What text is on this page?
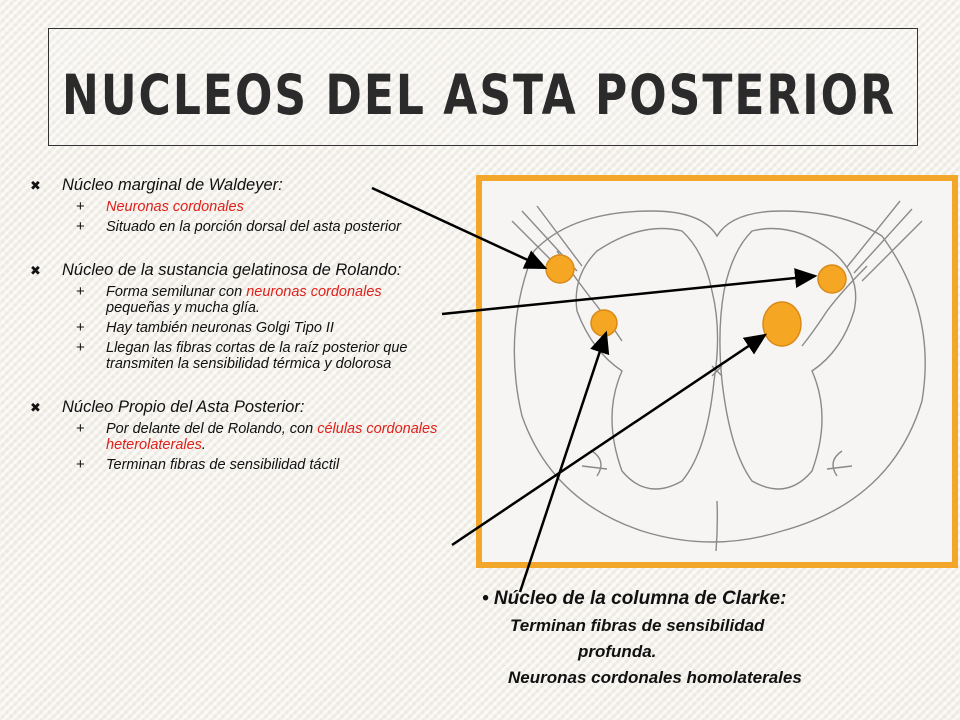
NUCLEOS DEL ASTA POSTERIOR

✖ Núcleo marginal de Waldeyer:

+ Neuronas cordonales

+ Situado en la porción dorsal del asta posterior

✖ Núcleo de la sustancia gelatinosa de Rolando:

+ Forma semilunar con neuronas cordonales pequeñas y mucha glía.

+ Hay también neuronas Golgi Tipo II

+ Llegan las fibras cortas de la raíz posterior que transmiten la sensibilidad térmica y dolorosa

✖ Núcleo Propio del Asta Posterior:

+ Por delante del de Rolando, con células cordonales heterolaterales.

+ Terminan fibras de sensibilidad táctil

• Núcleo de la columna de Clarke:

Terminan fibras de sensibilidad

profunda.

Neuronas cordonales homolaterales
